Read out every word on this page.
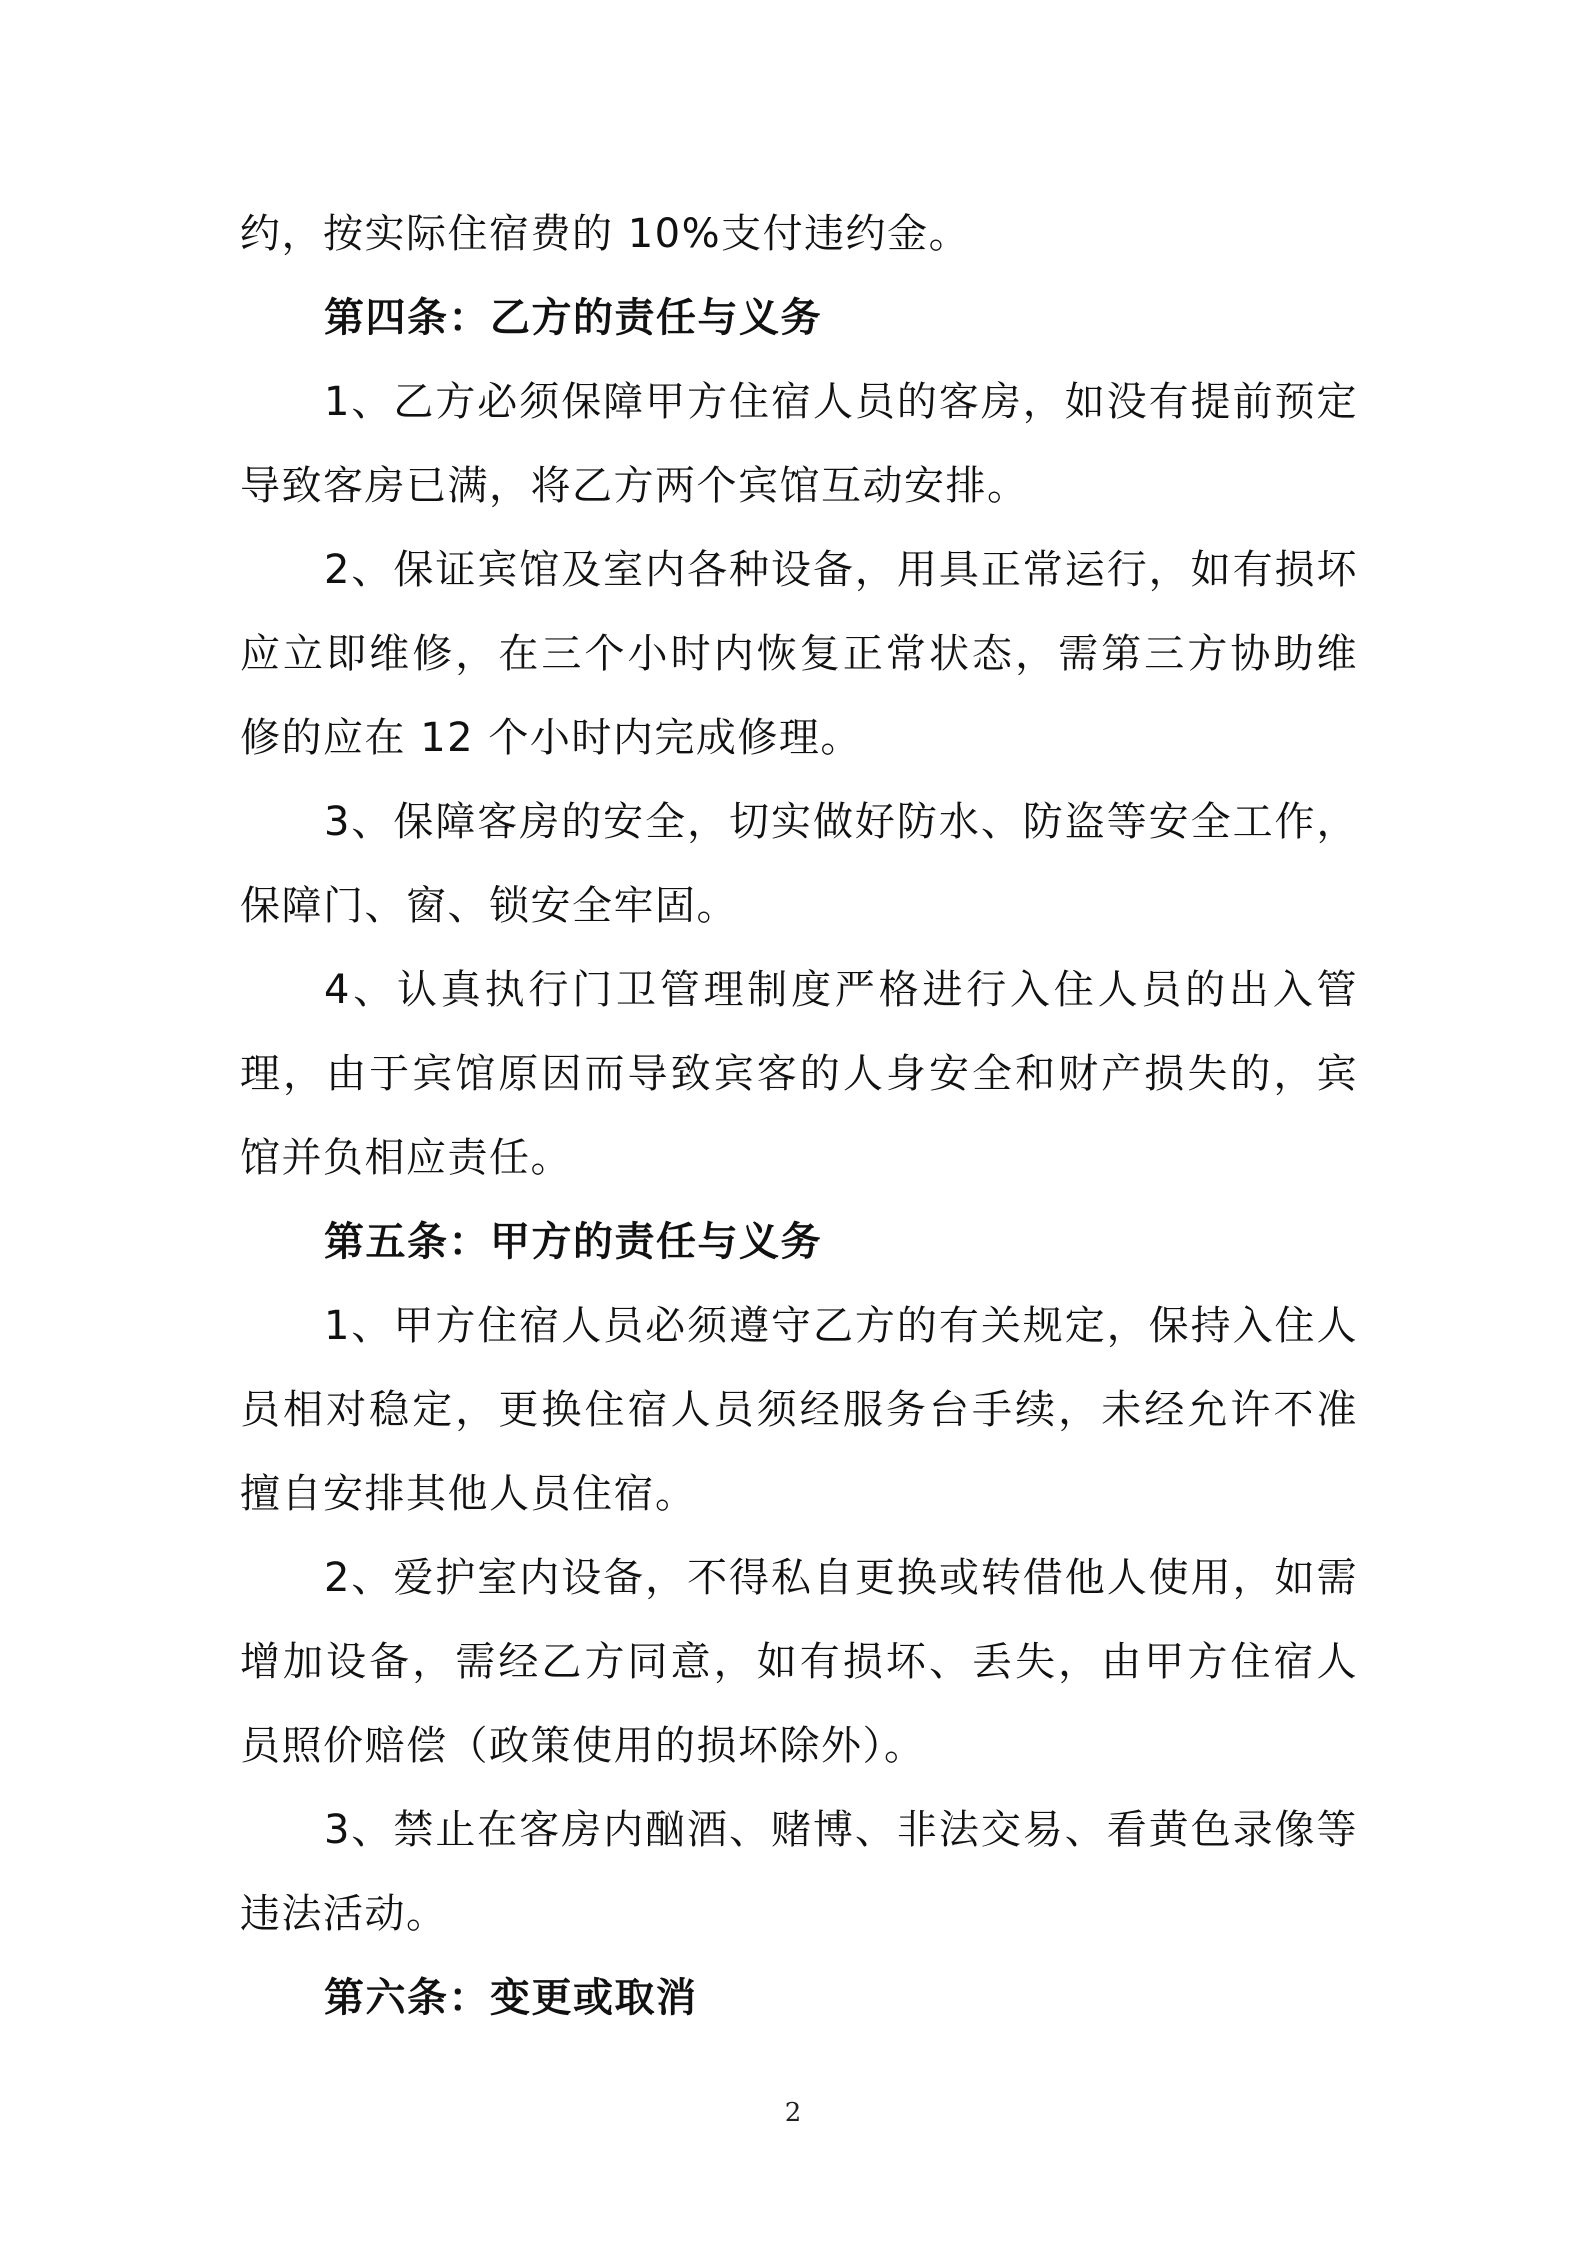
约，按实际住宿费的 10%支付违约金。

第四条：乙方的责任与义务

1、乙方必须保障甲方住宿人员的客房，如没有提前预定导致客房已满，将乙方两个宾馆互动安排。

2、保证宾馆及室内各种设备，用具正常运行，如有损坏应立即维修，在三个小时内恢复正常状态，需第三方协助维修的应在 12 个小时内完成修理。

3、保障客房的安全，切实做好防水、防盗等安全工作，保障门、窗、锁安全牢固。

4、认真执行门卫管理制度严格进行入住人员的出入管理，由于宾馆原因而导致宾客的人身安全和财产损失的，宾馆并负相应责任。

第五条：甲方的责任与义务

1、甲方住宿人员必须遵守乙方的有关规定，保持入住人员相对稳定，更换住宿人员须经服务台手续，未经允许不准擅自安排其他人员住宿。

2、爱护室内设备，不得私自更换或转借他人使用，如需增加设备，需经乙方同意，如有损坏、丢失，由甲方住宿人员照价赔偿（政策使用的损坏除外）。

3、禁止在客房内酗酒、赌博、非法交易、看黄色录像等违法活动。

第六条：变更或取消

2
